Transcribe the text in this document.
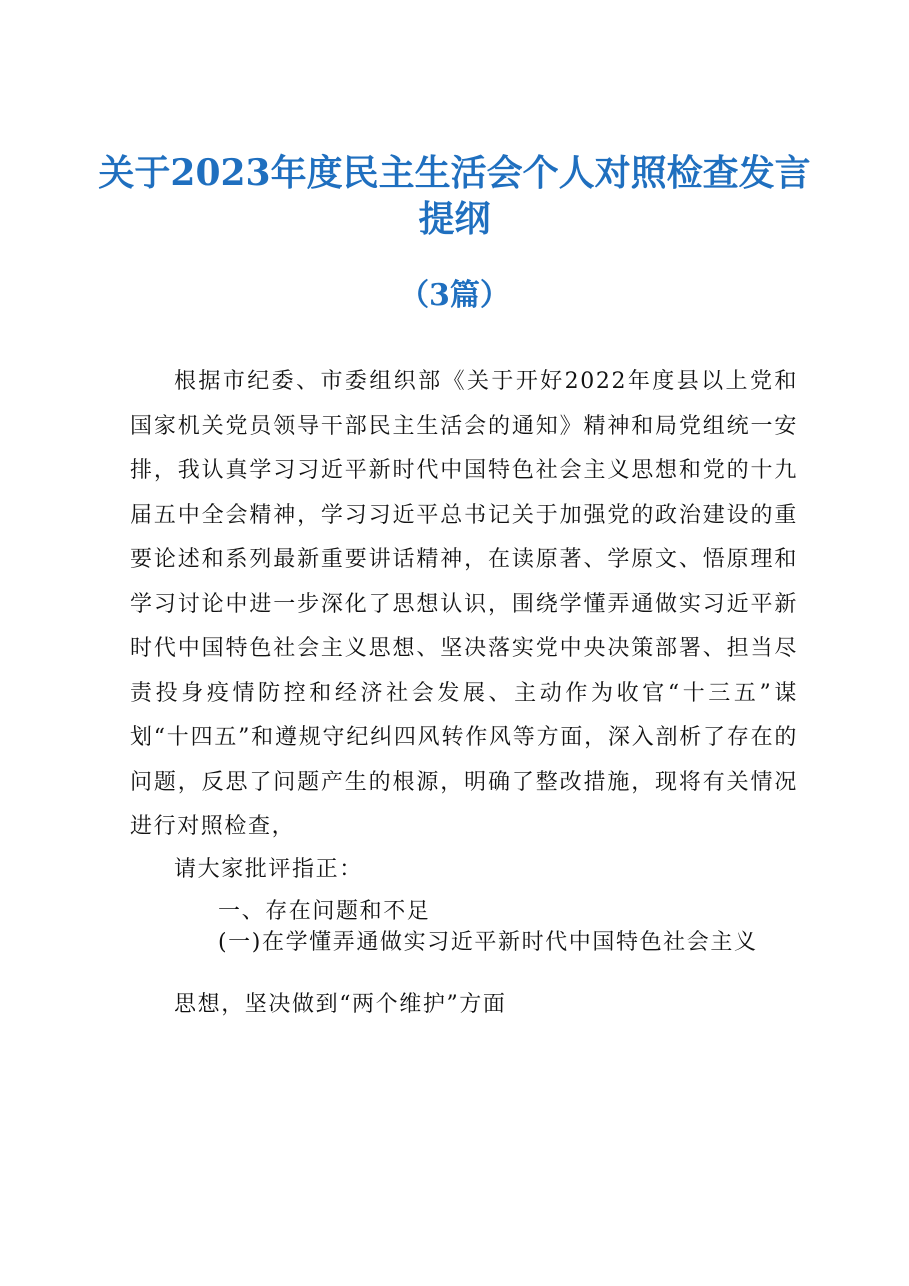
关于2023年度民主生活会个人对照检查发言
提纲
（3篇）

根据市纪委、市委组织部《关于开好2022年度县以上党和国家机关党员领导干部民主生活会的通知》精神和局党组统一安排，我认真学习习近平新时代中国特色社会主义思想和党的十九届五中全会精神，学习习近平总书记关于加强党的政治建设的重要论述和系列最新重要讲话精神，在读原著、学原文、悟原理和学习讨论中进一步深化了思想认识，围绕学懂弄通做实习近平新时代中国特色社会主义思想、坚决落实党中央决策部署、担当尽责投身疫情防控和经济社会发展、主动作为收官“十三五”谋划“十四五”和遵规守纪纠四风转作风等方面，深入剖析了存在的问题，反思了问题产生的根源，明确了整改措施，现将有关情况进行对照检查，

请大家批评指正：
一、存在问题和不足
(一)在学懂弄通做实习近平新时代中国特色社会主义
思想，坚决做到“两个维护”方面
